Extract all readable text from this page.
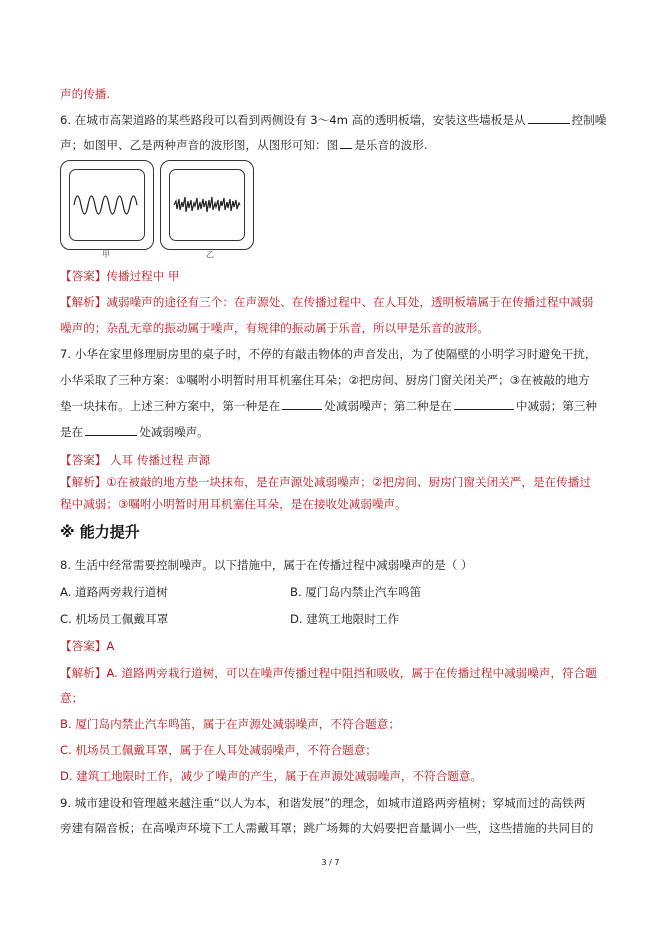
声的传播.
6. 在城市高架道路的某些路段可以看到两侧设有 3～4m 高的透明板墙，安装这些墙板是从	控制噪
声；如图甲、乙是两种声音的波形图，从图形可知：图 是乐音的波形.
甲	乙
【答案】传播过程中 甲
【解析】减弱噪声的途径有三个：在声源处、在传播过程中、在人耳处，透明板墙属于在传播过程中减弱
噪声的；杂乱无章的振动属于噪声，有规律的振动属于乐音，所以甲是乐音的波形。
7. 小华在家里修理厨房里的桌子时，不停的有敲击物体的声音发出，为了使隔壁的小明学习时避免干扰，
小华采取了三种方案：①嘱咐小明暂时用耳机塞住耳朵；②把房间、厨房门窗关闭关严；③在被敲的地方
垫一块抹布。上述三种方案中，第一种是在	处减弱噪声；第二种是在	中减弱；第三种
是在	处减弱噪声。
【答案】 人耳 传播过程 声源
【解析】①在被敲的地方垫一块抹布，是在声源处减弱噪声；②把房间、厨房门窗关闭关严，是在传播过
程中减弱；③嘱咐小明暂时用耳机塞住耳朵，是在接收处减弱噪声。
※ 能力提升
8. 生活中经常需要控制噪声。以下措施中，属于在传播过程中减弱噪声的是（ ）
A. 道路两旁栽行道树	B. 厦门岛内禁止汽车鸣笛
C. 机场员工佩戴耳罩	D. 建筑工地限时工作
【答案】A
【解析】A. 道路两旁栽行道树，可以在噪声传播过程中阻挡和吸收，属于在传播过程中减弱噪声，符合题
意；
B. 厦门岛内禁止汽车鸣笛，属于在声源处减弱噪声，不符合题意；
C. 机场员工佩戴耳罩，属于在人耳处减弱噪声，不符合题意；
D. 建筑工地限时工作，减少了噪声的产生，属于在声源处减弱噪声，不符合题意。
9. 城市建设和管理越来越注重“以人为本，和谐发展”的理念，如城市道路两旁植树；穿城而过的高铁两
旁建有隔音板；在高噪声环境下工人需戴耳罩；跳广场舞的大妈要把音量调小一些，这些措施的共同目的
3 / 7
